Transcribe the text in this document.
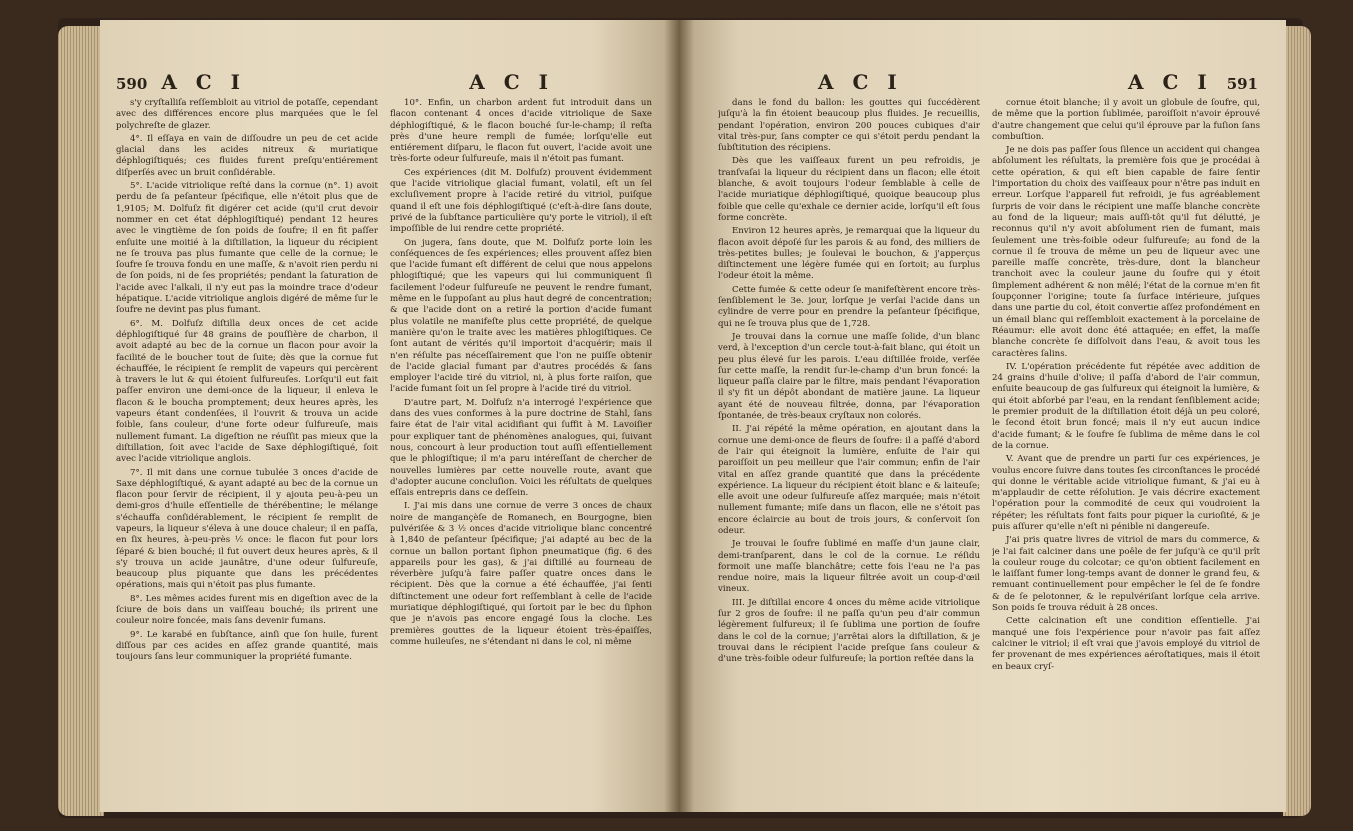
590 A C I	A C I

s'y cryſtalliſa reſſembloit au vitriol de potaſſe, cependant avec des différences encore plus marquées que le ſel polychreſte de glazer.

4°. Il eſſaya en vain de diſſoudre un peu de cet acide glacial dans les acides nitreux & muriatique déphlogiſtiqués; ces fluides furent preſqu'entiérement diſperſés avec un bruit conſidérable.

5°. L'acide vitriolique reſté dans la cornue (n°. 1) avoit perdu de ſa peſanteur ſpécifique, elle n'étoit plus que de 1,9105; M. Dolfuſz fit digérer cet acide (qu'il crut devoir nommer en cet état déphlogiſtiqué) pendant 12 heures avec le vingtième de ſon poids de ſoufre; il en fit paſſer enſuite une moitié à la diſtillation, la liqueur du récipient ne ſe trouva pas plus fumante que celle de la cornue; le ſoufre ſe trouva fondu en une maſſe, & n'avoit rien perdu ni de ſon poids, ni de ſes propriétés; pendant la ſaturation de l'acide avec l'alkali, il n'y eut pas la moindre trace d'odeur hépatique. L'acide vitriolique anglois digéré de même ſur le ſoufre ne devint pas plus fumant.

6°. M. Dolfuſz diſtilla deux onces de cet acide déphlogiſtiqué ſur 48 grains de pouſſière de charbon, il avoit adapté au bec de la cornue un flacon pour avoir la facilité de le boucher tout de ſuite; dès que la cornue fut échauffée, le récipient ſe remplit de vapeurs qui percèrent à travers le lut & qui étoient ſulfureuſes. Lorſqu'il eut fait paſſer environ une demi-once de la liqueur, il enleva le flacon & le boucha promptement; deux heures après, les vapeurs étant condenſées, il l'ouvrit & trouva un acide foible, ſans couleur, d'une forte odeur ſulfureuſe, mais nullement fumant. La digeſtion ne réuſſit pas mieux que la diſtillation, ſoit avec l'acide de Saxe déphlogiſtiqué, ſoit avec l'acide vitriolique anglois.

7°. Il mit dans une cornue tubulée 3 onces d'acide de Saxe déphlogiſtiqué, & ayant adapté au bec de la cornue un flacon pour ſervir de récipient, il y ajouta peu-à-peu un demi-gros d'huile eſſentielle de thérébentine; le mélange s'échauffa conſidérablement, le récipient ſe remplit de vapeurs, la liqueur s'éleva à une douce chaleur; il en paſſa, en ſix heures, à-peu-près ½ once: le flacon fut pour lors ſéparé & bien bouché; il fut ouvert deux heures après, & il s'y trouva un acide jaunâtre, d'une odeur ſulfureuſe, beaucoup plus piquante que dans les précédentes opérations, mais qui n'étoit pas plus fumante.

8°. Les mêmes acides furent mis en digeſtion avec de la ſciure de bois dans un vaiſſeau bouché; ils prirent une couleur noire foncée, mais ſans devenir fumans.

9°. Le karabé en ſubſtance, ainſi que ſon huile, furent diſſous par ces acides en aſſez grande quantité, mais toujours ſans leur communiquer la propriété fumante.

10°. Enfin, un charbon ardent fut introduit dans un flacon contenant 4 onces d'acide vitriolique de Saxe déphlogiſtiqué, & le flacon bouché ſur-le-champ; il reſta près d'une heure rempli de fumée; lorſqu'elle eut entiérement diſparu, le flacon fut ouvert, l'acide avoit une très-forte odeur ſulfureuſe, mais il n'étoit pas fumant.

Ces expériences (dit M. Dolfuſz) prouvent évidemment que l'acide vitriolique glacial fumant, volatil, eſt un ſel excluſivement propre à l'acide retiré du vitriol, puiſque quand il eſt une fois déphlogiſtiqué (c'eſt-à-dire ſans doute, privé de la ſubſtance particulière qu'y porte le vitriol), il eſt impoſſible de lui rendre cette propriété.

On jugera, ſans doute, que M. Dolfuſz porte loin les conſéquences de ſes expériences; elles prouvent aſſez bien que l'acide fumant eſt différent de celui que nous appelons phlogiſtiqué; que les vapeurs qui lui communiquent ſi facilement l'odeur ſulfureuſe ne peuvent le rendre fumant, même en le ſuppoſant au plus haut degré de concentration; & que l'acide dont on a retiré la portion d'acide fumant plus volatile ne manifeſte plus cette propriété, de quelque manière qu'on le traite avec les matières phlogiſtiques. Ce ſont autant de vérités qu'il importoit d'acquérir; mais il n'en réſulte pas néceſſairement que l'on ne puiſſe obtenir de l'acide glacial fumant par d'autres procédés & ſans employer l'acide tiré du vitriol, ni, à plus forte raiſon, que l'acide fumant ſoit un ſel propre à l'acide tiré du vitriol.

D'autre part, M. Dolfuſz n'a interrogé l'expérience que dans des vues conformes à la pure doctrine de Stahl, ſans faire état de l'air vital acidifiant qui ſuffit à M. Lavoiſier pour expliquer tant de phénomènes analogues, qui, ſuivant nous, concourt à leur production tout auſſi eſſentiellement que le phlogiſtique; il m'a paru intéreſſant de chercher de nouvelles lumières par cette nouvelle route, avant que d'adopter aucune concluſion. Voici les réſultats de quelques eſſais entrepris dans ce deſſein.

I. J'ai mis dans une cornue de verre 3 onces de chaux noire de mangançèſe de Romanech, en Bourgogne, bien pulvériſée & 3 ½ onces d'acide vitriolique blanc concentré à 1,840 de peſanteur ſpécifique; j'ai adapté au bec de la cornue un ballon portant ſiphon pneumatique (fig. 6 des appareils pour les gas), & j'ai diſtillé au fourneau de réverbère juſqu'à faire paſſer quatre onces dans le récipient. Dès que la cornue a été échauffée, j'ai ſenti diſtinctement une odeur fort reſſemblant à celle de l'acide muriatique déphlogiſtiqué, qui ſortoit par le bec du ſiphon que je n'avois pas encore engagé ſous la cloche. Les premières gouttes de la liqueur étoient très-épaiſſes, comme huileuſes, ne s'étendant ni dans le col, ni même

A C I	A C I 591

dans le fond du ballon: les gouttes qui ſuccédèrent juſqu'à la fin étoient beaucoup plus fluides. Je recueillis, pendant l'opération, environ 200 pouces cubiques d'air vital très-pur, ſans compter ce qui s'étoit perdu pendant la ſubſtitution des récipiens.

Dès que les vaiſſeaux furent un peu refroidis, je tranſvaſai la liqueur du récipient dans un flacon; elle étoit blanche, & avoit toujours l'odeur ſemblable à celle de l'acide muriatique déphlogiſtiqué, quoique beaucoup plus foible que celle qu'exhale ce dernier acide, lorſqu'il eſt ſous forme concrète.

Environ 12 heures après, je remarquai que la liqueur du flacon avoit dépoſé ſur les parois & au fond, des milliers de très-petites bulles; je ſoulevai le bouchon, & j'apperçus diſtinctement une légère fumée qui en ſortoit; au ſurplus l'odeur étoit la même.

Cette fumée & cette odeur ſe manifeſtèrent encore très-ſenſiblement le 3e. jour, lorſque je verſai l'acide dans un cylindre de verre pour en prendre la peſanteur ſpécifique, qui ne ſe trouva plus que de 1,728.

Je trouvai dans la cornue une maſſe ſolide, d'un blanc verd, à l'exception d'un cercle tout-à-fait blanc, qui étoit un peu plus élevé ſur les parois. L'eau diſtillée froide, verſée ſur cette maſſe, la rendit ſur-le-champ d'un brun foncé: la liqueur paſſa claire par le filtre, mais pendant l'évaporation il s'y fit un dépôt abondant de matière jaune. La liqueur ayant été de nouveau filtrée, donna, par l'évaporation ſpontanée, de très-beaux cryſtaux non colorés.

II. J'ai répété la même opération, en ajoutant dans la cornue une demi-once de fleurs de ſoufre: il a paſſé d'abord de l'air qui éteignoit la lumière, enſuite de l'air qui paroiſſoit un peu meilleur que l'air commun; enfin de l'air vital en aſſez grande quantité que dans la précédente expérience. La liqueur du récipient étoit blanc e & laiteuſe; elle avoit une odeur ſulfureuſe aſſez marquée; mais n'étoit nullement fumante; miſe dans un flacon, elle ne s'étoit pas encore éclaircie au bout de trois jours, & conſervoit ſon odeur.

Je trouvai le ſoufre ſublimé en maſſe d'un jaune clair, demi-tranſparent, dans le col de la cornue. Le réſidu formoit une maſſe blanchâtre; cette fois l'eau ne l'a pas rendue noire, mais la liqueur filtrée avoit un coup-d'œil vineux.

III. Je diſtillai encore 4 onces du même acide vitriolique ſur 2 gros de ſoufre: il ne paſſa qu'un peu d'air commun légèrement ſulfureux; il ſe ſublima une portion de ſoufre dans le col de la cornue; j'arrêtai alors la diſtillation, & je trouvai dans le récipient l'acide preſque ſans couleur & d'une très-foible odeur ſulfureuſe; la portion reſtée dans la

cornue étoit blanche; il y avoit un globule de ſoufre, qui, de même que la portion ſublimée, paroiſſoit n'avoir éprouvé d'autre changement que celui qu'il éprouve par la fuſion ſans combuſtion.

Je ne dois pas paſſer ſous ſilence un accident qui changea abſolument les réſultats, la première fois que je procédai à cette opération, & qui eſt bien capable de faire ſentir l'importation du choix des vaiſſeaux pour n'être pas induit en erreur. Lorſque l'appareil fut refroidi, je fus agréablement ſurpris de voir dans le récipient une maſſe blanche concrète au fond de la liqueur; mais auſſi-tôt qu'il fut délutté, je reconnus qu'il n'y avoit abſolument rien de fumant, mais ſeulement une très-foible odeur ſulfureuſe; au fond de la cornue il ſe trouva de même un peu de liqueur avec une pareille maſſe concrète, très-dure, dont la blancheur tranchoit avec la couleur jaune du ſoufre qui y étoit ſimplement adhérent & non mêlé; l'état de la cornue m'en fit ſoupçonner l'origine; toute ſa ſurface intérieure, juſques dans une partie du col, étoit convertie aſſez profondément en un émail blanc qui reſſembloit exactement à la porcelaine de Réaumur: elle avoit donc été attaquée; en effet, la maſſe blanche concrète ſe diſſolvoit dans l'eau, & avoit tous les caractères ſalins.

IV. L'opération précédente fut répétée avec addition de 24 grains d'huile d'olive; il paſſa d'abord de l'air commun, enſuite beaucoup de gas ſulfureux qui éteignoit la lumière, & qui étoit abſorbé par l'eau, en la rendant ſenſiblement acide; le premier produit de la diſtillation étoit déjà un peu coloré, le ſecond étoit brun foncé; mais il n'y eut aucun indice d'acide fumant; & le ſoufre ſe ſublima de même dans le col de la cornue.

V. Avant que de prendre un parti ſur ces expériences, je voulus encore ſuivre dans toutes ſes circonſtances le procédé qui donne le véritable acide vitriolique fumant, & j'ai eu à m'applaudir de cette réſolution. Je vais décrire exactement l'opération pour la commodité de ceux qui voudroient la répéter; les réſultats font faits pour piquer la curioſité, & je puis aſſurer qu'elle n'eſt ni pénible ni dangereuſe.

J'ai pris quatre livres de vitriol de mars du commerce, & je l'ai fait calciner dans une poêle de fer juſqu'à ce qu'il prît la couleur rouge du colcotar; ce qu'on obtient facilement en le laiſſant fumer long-temps avant de donner le grand feu, & remuant continuellement pour empêcher le ſel de ſe fondre & de ſe pelotonner, & le repulvériſant lorſque cela arrive. Son poids ſe trouva réduit à 28 onces.

Cette calcination eſt une condition eſſentielle. J'ai manqué une fois l'expérience pour n'avoir pas fait aſſez calciner le vitriol; il eſt vrai que j'avois employé du vitriol de fer provenant de mes expériences aéroſtatiques, mais il étoit en beaux cryſ-
